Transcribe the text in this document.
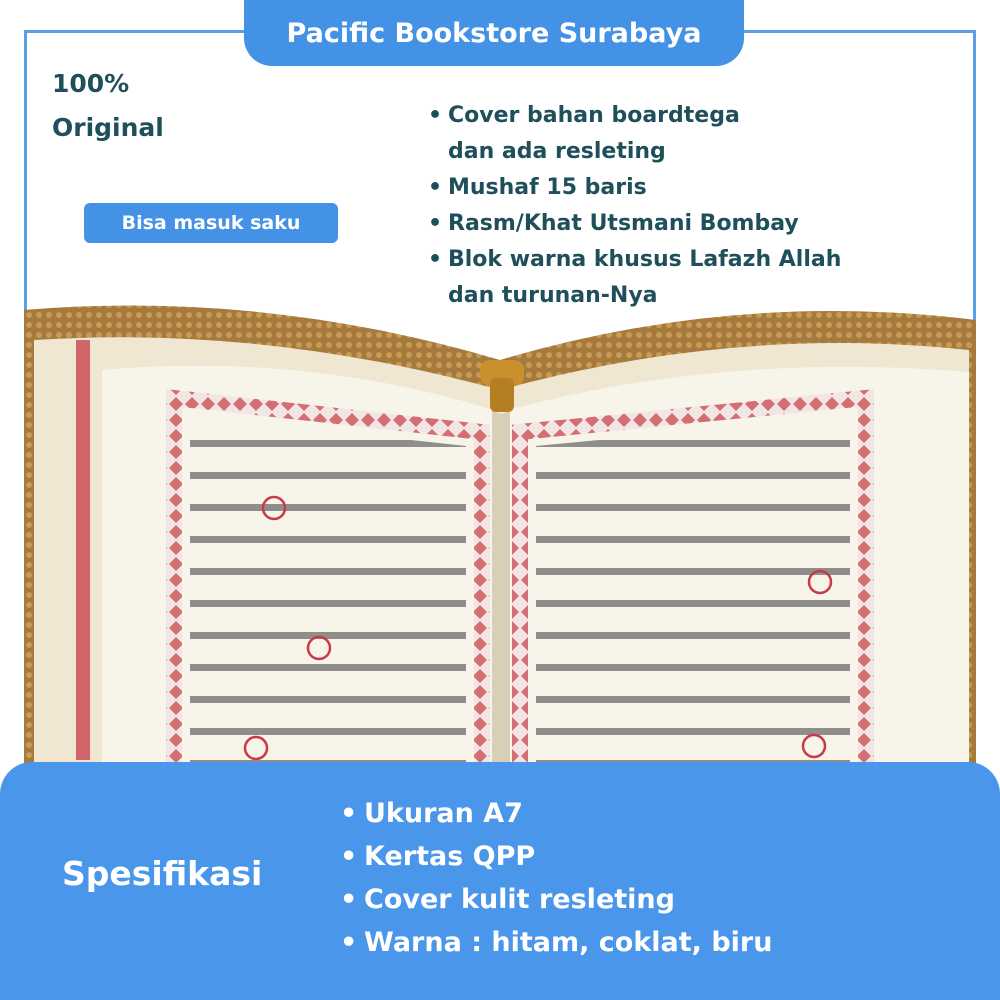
Pacific Bookstore Surabaya
100%
Original
Bisa masuk saku
• Cover bahan boardtega
dan ada resleting
• Mushaf 15 baris
• Rasm/Khat Utsmani Bombay
• Blok warna khusus Lafazh Allah
dan turunan-Nya
Spesifikasi
• Ukuran A7
• Kertas QPP
• Cover kulit resleting
• Warna : hitam, coklat, biru
